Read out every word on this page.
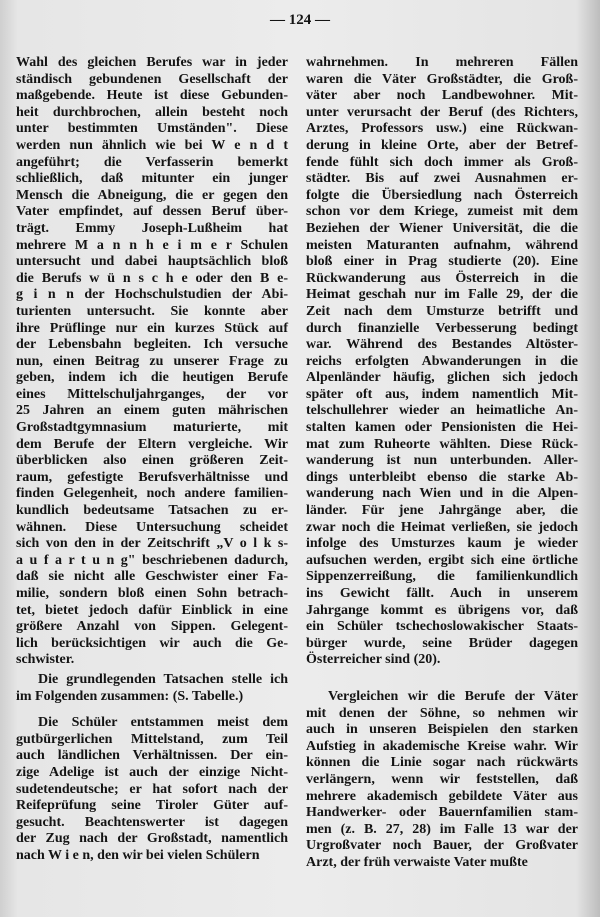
— 124 —
Wahl des gleichen Berufes war in jeder
ständisch gebundenen Gesellschaft der
maßgebende. Heute ist diese Gebunden-
heit durchbrochen, allein besteht noch
unter bestimmten Umständen". Diese
werden nun ähnlich wie bei W e n d t
angeführt; die Verfasserin bemerkt
schließlich, daß mitunter ein junger
Mensch die Abneigung, die er gegen den
Vater empfindet, auf dessen Beruf über-
trägt. Emmy Joseph-Lußheim hat
mehrere M a n n h e i m e r Schulen
untersucht und dabei hauptsächlich bloß
die Berufs w ü n s c h e oder den B e-
g i n n der Hochschulstudien der Abi-
turienten untersucht. Sie konnte aber
ihre Prüflinge nur ein kurzes Stück auf
der Lebensbahn begleiten. Ich versuche
nun, einen Beitrag zu unserer Frage zu
geben, indem ich die heutigen Berufe
eines Mittelschuljahrganges, der vor
25 Jahren an einem guten mährischen
Großstadtgymnasium maturierte, mit
dem Berufe der Eltern vergleiche. Wir
überblicken also einen größeren Zeit-
raum, gefestigte Berufsverhältnisse und
finden Gelegenheit, noch andere familien-
kundlich bedeutsame Tatsachen zu er-
wähnen. Diese Untersuchung scheidet
sich von den in der Zeitschrift „V o l k s-
a u f a r t u n g" beschriebenen dadurch,
daß sie nicht alle Geschwister einer Fa-
milie, sondern bloß einen Sohn betrach-
tet, bietet jedoch dafür Einblick in eine
größere Anzahl von Sippen. Gelegent-
lich berücksichtigen wir auch die Ge-
schwister.
Die grundlegenden Tatsachen stelle ich
im Folgenden zusammen: (S. Tabelle.)
Die Schüler entstammen meist dem
gutbürgerlichen Mittelstand, zum Teil
auch ländlichen Verhältnissen. Der ein-
zige Adelige ist auch der einzige Nicht-
sudetendeutsche; er hat sofort nach der
Reifeprüfung seine Tiroler Güter auf-
gesucht. Beachtenswerter ist dagegen
der Zug nach der Großstadt, namentlich
nach W i e n, den wir bei vielen Schülern
wahrnehmen. In mehreren Fällen
waren die Väter Großstädter, die Groß-
väter aber noch Landbewohner. Mit-
unter verursacht der Beruf (des Richters,
Arztes, Professors usw.) eine Rückwan-
derung in kleine Orte, aber der Betref-
fende fühlt sich doch immer als Groß-
städter. Bis auf zwei Ausnahmen er-
folgte die Übersiedlung nach Österreich
schon vor dem Kriege, zumeist mit dem
Beziehen der Wiener Universität, die die
meisten Maturanten aufnahm, während
bloß einer in Prag studierte (20). Eine
Rückwanderung aus Österreich in die
Heimat geschah nur im Falle 29, der die
Zeit nach dem Umsturze betrifft und
durch finanzielle Verbesserung bedingt
war. Während des Bestandes Altöster-
reichs erfolgten Abwanderungen in die
Alpenländer häufig, glichen sich jedoch
später oft aus, indem namentlich Mit-
telschullehrer wieder an heimatliche An-
stalten kamen oder Pensionisten die Hei-
mat zum Ruheorte wählten. Diese Rück-
wanderung ist nun unterbunden. Aller-
dings unterbleibt ebenso die starke Ab-
wanderung nach Wien und in die Alpen-
länder. Für jene Jahrgänge aber, die
zwar noch die Heimat verließen, sie jedoch
infolge des Umsturzes kaum je wieder
aufsuchen werden, ergibt sich eine örtliche
Sippenzerreißung, die familienkundlich
ins Gewicht fällt. Auch in unserem
Jahrgange kommt es übrigens vor, daß
ein Schüler tschechoslowakischer Staats-
bürger wurde, seine Brüder dagegen
Österreicher sind (20).
Vergleichen wir die Berufe der Väter
mit denen der Söhne, so nehmen wir
auch in unseren Beispielen den starken
Aufstieg in akademische Kreise wahr. Wir
können die Linie sogar nach rückwärts
verlängern, wenn wir feststellen, daß
mehrere akademisch gebildete Väter aus
Handwerker- oder Bauernfamilien stam-
men (z. B. 27, 28) im Falle 13 war der
Urgroßvater noch Bauer, der Großvater
Arzt, der früh verwaiste Vater mußte
